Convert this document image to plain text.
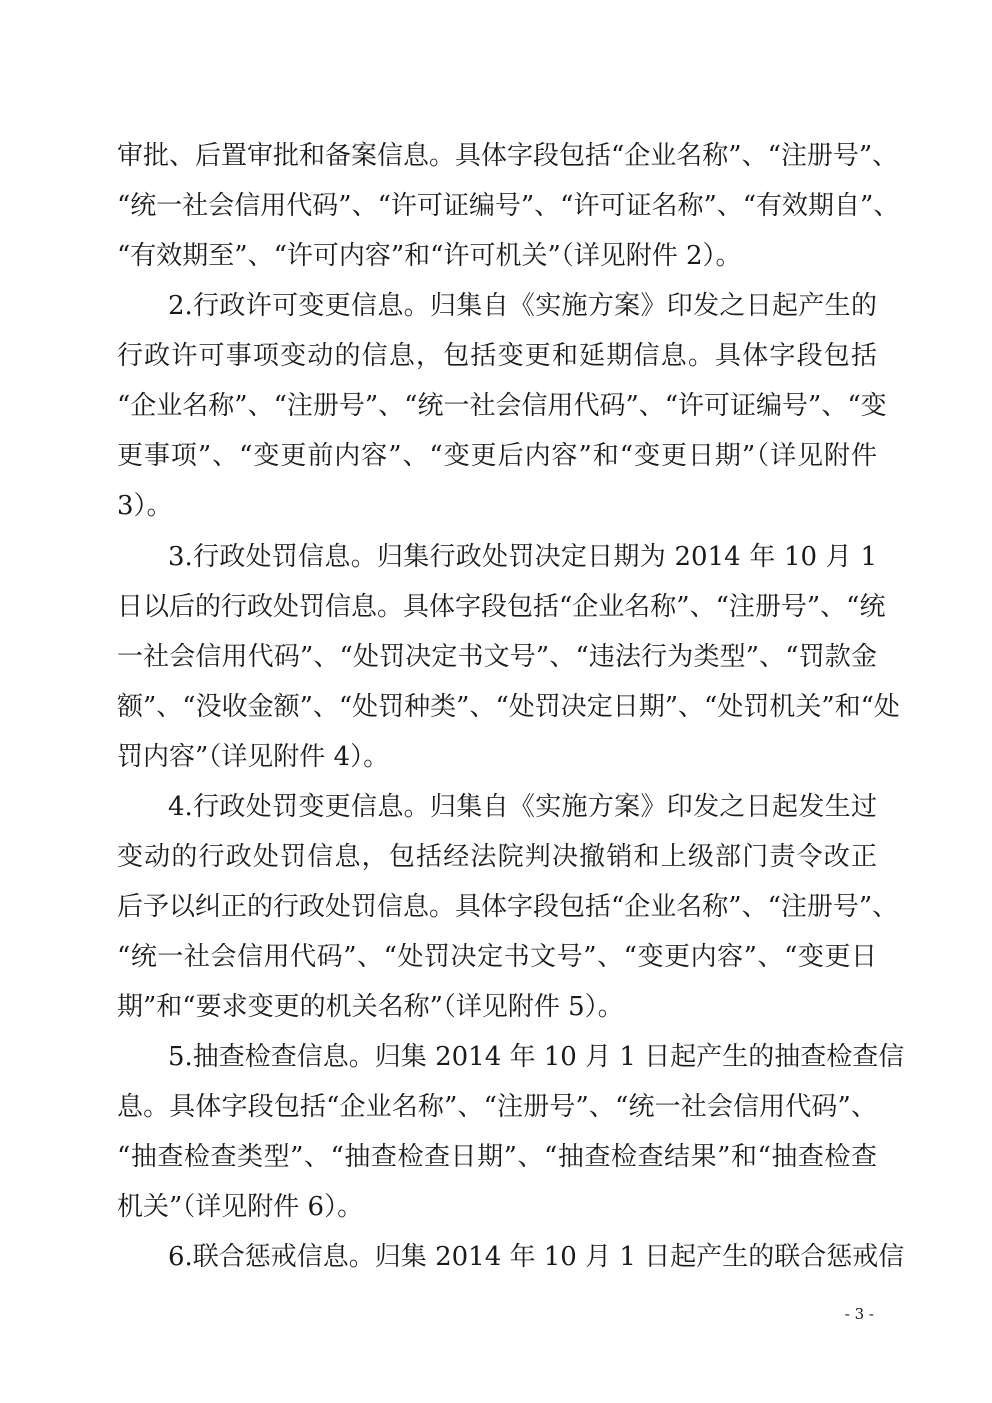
审批、后置审批和备案信息。具体字段包括“企业名称”、“注册号”、
“统一社会信用代码”、“许可证编号”、“许可证名称”、“有效期自”、
“有效期至”、“许可内容”和“许可机关”（详见附件 2）。
2.行政许可变更信息。归集自《实施方案》印发之日起产生的
行政许可事项变动的信息，包括变更和延期信息。具体字段包括
“企业名称”、“注册号”、“统一社会信用代码”、“许可证编号”、“变
更事项”、“变更前内容”、“变更后内容”和“变更日期”（详见附件
3）。
3.行政处罚信息。归集行政处罚决定日期为 2014 年 10 月 1
日以后的行政处罚信息。具体字段包括“企业名称”、“注册号”、“统
一社会信用代码”、“处罚决定书文号”、“违法行为类型”、“罚款金
额”、“没收金额”、“处罚种类”、“处罚决定日期”、“处罚机关”和“处
罚内容”（详见附件 4）。
4.行政处罚变更信息。归集自《实施方案》印发之日起发生过
变动的行政处罚信息，包括经法院判决撤销和上级部门责令改正
后予以纠正的行政处罚信息。具体字段包括“企业名称”、“注册号”、
“统一社会信用代码”、“处罚决定书文号”、“变更内容”、“变更日
期”和“要求变更的机关名称”（详见附件 5）。
5.抽查检查信息。归集 2014 年 10 月 1 日起产生的抽查检查信
息。具体字段包括“企业名称”、“注册号”、“统一社会信用代码”、
“抽查检查类型”、“抽查检查日期”、“抽查检查结果”和“抽查检查
机关”（详见附件 6）。
6.联合惩戒信息。归集 2014 年 10 月 1 日起产生的联合惩戒信
- 3 -
